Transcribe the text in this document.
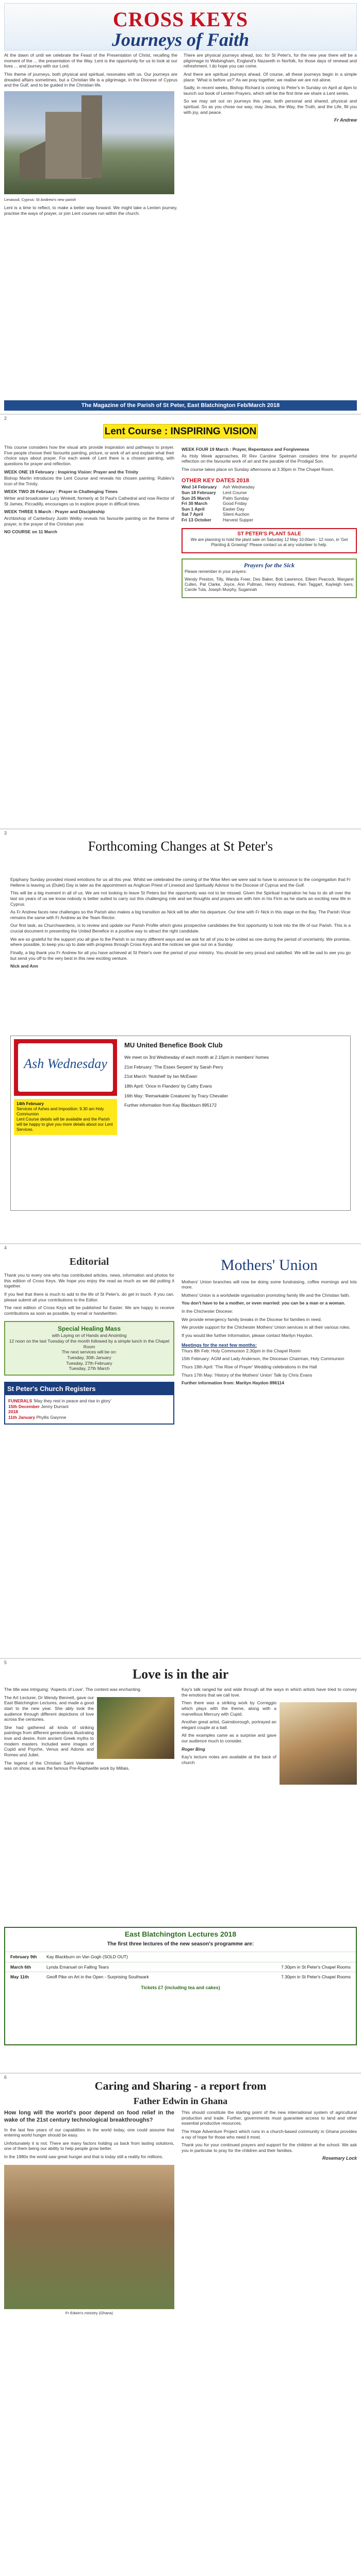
CROSS KEYS
Journeys of Faith

At the dawn of until we celebrate the Feast of the Presentation of Christ, recalling the moment of the ... the presentation of the Way. Lent is the opportunity for us to look at our lives ... and journey with our Lord.

This theme of journeys, both physical and spiritual, resonates with us. Our journeys are dreaded affairs sometimes, but a Christian life is a pilgrimage, in the Diocese of Cyprus and the Gulf, and to be guided in the Christian life.

Limassol, Cyprus: St Andrew's new parish

Lent is a time to reflect, to make a better way forward. We might take a Lenten journey, practise the ways of prayer, or join Lent courses run within the church.

There are physical journeys ahead, too: for St Peter's, for the new year there will be a pilgrimage to Walsingham, England's Nazareth in Norfolk, for those days of renewal and refreshment. I do hope you can come.

And there are spiritual journeys ahead. Of course, all these journeys begin in a simple place: 'What is before us?' As we pray together, we realise we are not alone.

Sadly, in recent weeks, Bishop Richard is coming to Peter's in Sunday on April at 4pm to launch our book of Lenten Prayers, which will be the first time we share a Lent series.

So we may set out on journeys this year, both personal and shared, physical and spiritual. So as you chose our way, may Jesus, the Way, the Truth, and the Life, fill you with joy, and peace.

Fr Andrew
The Magazine of the Parish of St Peter, East Blatchington Feb/March 2018
2
Lent Course : INSPIRING VISION

This course considers how the visual arts provide inspiration and pathways to prayer. Five people choose their favourite painting, picture, or work of art and explain what their choice says about prayer. For each week of Lent there is a chosen painting, with questions for prayer and reflection.

WEEK ONE 19 February : Inspiring Vision: Prayer and the Trinity

Bishop Martin introduces the Lent Course and reveals his chosen painting: Rublev's Icon of the Trinity.

WEEK TWO 26 February : Prayer in Challenging Times

Writer and broadcaster Lucy Winkett, formerly at St Paul's Cathedral and now Rector of St James, Piccadilly, encourages us to explore prayer in difficult times.

WEEK THREE 5 March : Prayer and Discipleship

Archbishop of Canterbury Justin Welby reveals his favourite painting on the theme of prayer, in the prayer of the Christian year.

NO COURSE on 11 March
WEEK FOUR 19 March : Prayer, Repentance and Forgiveness

As Holy Week approaches, Rt Rev Caroline Spelman considers time for prayerful reflection on the favourite work of art and the parable of the Prodigal Son.

The course takes place on Sunday afternoons at 3.30pm in The Chapel Room.

OTHER KEY DATES 2018
Wed 14 February	Ash Wednesday
Sun 18 February	Lent Course
Sun 25 March	Palm Sunday
Fri 30 March	Good Friday
Sun 1 April	Easter Day
Sat 7 April	Silent Auction
Fri 13 October	Harvest Supper
ST PETER'S PLANT SALE

We are planning to hold the plant sale on Saturday 12 May 10.00am - 12 noon, in 'Get Planting & Growing!' Please contact us at any volunteer to help.

Prayers for the Sick

Please remember in your prayers:

Wendy Preston, Tilly, Wanda Freer, Des Baker, Bob Lawrence, Eileen Peacock, Margaret Cullen, Pat Clarke, Joyce, Ann Pullman, Henry Andrews, Pam Taggart, Kayleigh Ivers, Carole Tula, Joseph Murphy, Sugannah

3
Forthcoming Changes at St Peter's

Epiphany Sunday provided mixed emotions for us all this year. Whilst we celebrated the coming of the Wise Men we were sad to have to announce to the congregation that Fr Hellene is leaving us (Dulet) Day is later as the appointment as Anglican Priest of Linwood and Spiritually Advisor to the Diocese of Cyprus and the Gulf.

This will be a big moment in all of us. We are not looking to leave St Peters but the opportunity was not to be missed. Given the Spiritual Inspiration he has to do all over the last six years of us we know nobody is better suited to carry out this challenging role and we thoughts and prayers are with him in his Firm as he starts an exciting new life in Cyprus.

As Fr Andrew faces new challenges so the Parish also makes a big transition as Nick will be after his departure. Our time with Fr Nick in this stage on the Bay. The Parish Vicar remains the same with Fr Andrew as the Team Rector.

Our first task, as Churchwardens, is to review and update our Parish Profile which gives prospective candidates the first opportunity to look into the life of our Parish. This is a crucial document in presenting the United Benefice in a positive way to attract the right candidate.

We are so grateful for the support you all give to the Parish in so many different ways and we ask for all of you to be united as one during the period of uncertainty. We promise, where possible, to keep you up to date with progress through Cross Keys and the notices we give out on a Sunday.

Finally, a big thank you Fr Andrew for all you have achieved at St Peter's over the period of your ministry. You should be very proud and satisfied. We will be sad to see you go but send you off to the very best in this new exciting venture.

Nick and Ann

Ash Wednesday
14th February
Services of Ashes and Imposition: 9.30 am Holy Communion
Lent Course details will be available and the Parish will be happy to give you more details about our Lent Services.
MU United Benefice Book Club
We meet on 3rd Wednesday of each month at 2.15pm in members' homes
21st February: 'The Essex Serpent' by Sarah Perry
21st March: 'Nutshell' by Ian McEwan
18th April: 'Once in Flanders' by Cathy Evans
16th May: 'Remarkable Creatures' by Tracy Chevalier
Further information from Kay Blackburn 895172
4
Editorial

Thank you to every one who has contributed articles, news, information and photos for this edition of Cross Keys. We hope you enjoy the read as much as we did putting it together.

If you feel that there is much to add to the life of St Peter's, do get in touch. If you can, please submit all your contributions to the Editor.

The next edition of Cross Keys will be published for Easter. We are happy to receive contributions as soon as possible, by email or handwritten.

Special Healing Mass
with Laying on of Hands and Anointing
12 noon on the last Tuesday of the month followed by a simple lunch in the Chapel Room
The next services will be on:
Tuesday, 30th January
Tuesday, 27th February
Tuesday, 27th March
St Peter's Church Registers
FUNERALS 'May they rest in peace and rise in glory'
15th December Jenny Durrant
2018
11th January Phyllis Gwynne
Mothers' Union

Mothers' Union branches will now be doing some fundraising, coffee mornings and lots more.

Mothers' Union is a worldwide organisation promoting family life and the Christian faith.

You don't have to be a mother, or even married: you can be a man or a woman.

In the Chichester Diocese:

We provide emergency family breaks in the Diocese for families in need.

We provide support for the Chichester Mothers' Union services in all their various roles.

If you would like further information, please contact Marilyn Haydon.

Meetings for the next few months:

Thurs 8th Feb: Holy Communion 2.30pm in the Chapel Room

15th February: AGM and Lady Anderson, the Diocesan Chairman, Holy Communion

Thurs 19th April: 'The Rise of Prayer' Wedding celebrations in the Hall

Thurs 17th May: 'History of the Mothers' Union' Talk by Chris Evans

Further information from: Marilyn Haydon 896114

5
Love is in the air

The title was intriguing: 'Aspects of Love'. The content was enchanting.

The Art Lecturer, Dr Wendy Bennett, gave our East Blatchington Lectures, and made a good start to the new year. She ably took the audience through different depictions of love across the centuries.

She had gathered all kinds of striking paintings from different generations illustrating love and desire, from ancient Greek myths to modern masters. Included were images of Cupid and Psyche, Venus and Adonis and Romeo and Juliet.

The legend of the Christian Saint Valentine was on show, as was the famous Pre-Raphaelite work by Millais.

Kay's talk ranged far and wide through all the ways in which artists have tried to convey the emotions that we call love.

Then there was a striking work by Correggio which plays with the theme, along with a marvellous Mercury with Cupid.

Another great artist, Gainsborough, portrayed an elegant couple at a ball.

All the examples came as a surprise and gave our audience much to consider.

Roger Bing

Kay's lecture notes are available at the back of church

East Blatchington Lectures 2018
The first three lectures of the new season's programme are:
February 9th	Kay Blackburn on Van Gogh (SOLD OUT)
March 6th	Lynda Emanuel on Falling Tears	7.30pm in St Peter's Chapel Rooms
May 11th	Geoff Pike on Art in the Open - Surprising Southwark	7.30pm in St Peter's Chapel Rooms
Tickets £7 (including tea and cakes)
6
Caring and Sharing - a report from
Father Edwin in Ghana
How long will the world's poor depend on food relief in the wake of the 21st century technological breakthroughs?

In the last few years of our capabilities in the world today, one could assume that entering world hunger should be easy.

Unfortunately it is not. There are many factors holding us back from lasting solutions, one of them being our ability to help people grow better.

In the 1980s the world saw great hunger and that is today still a reality for millions.

Fr Edwin's ministry (Ghana)

This should constitute the starting point of the new international system of agricultural production and trade. Further, governments must guarantee access to land and other essential productive resources.

The Hope Adventure Project which runs in a church-based community in Ghana provides a ray of hope for those who need it most.

Thank you for your continued prayers and support for the children at the school. We ask you in particular to pray for the children and their families.

Rosemary Lock
